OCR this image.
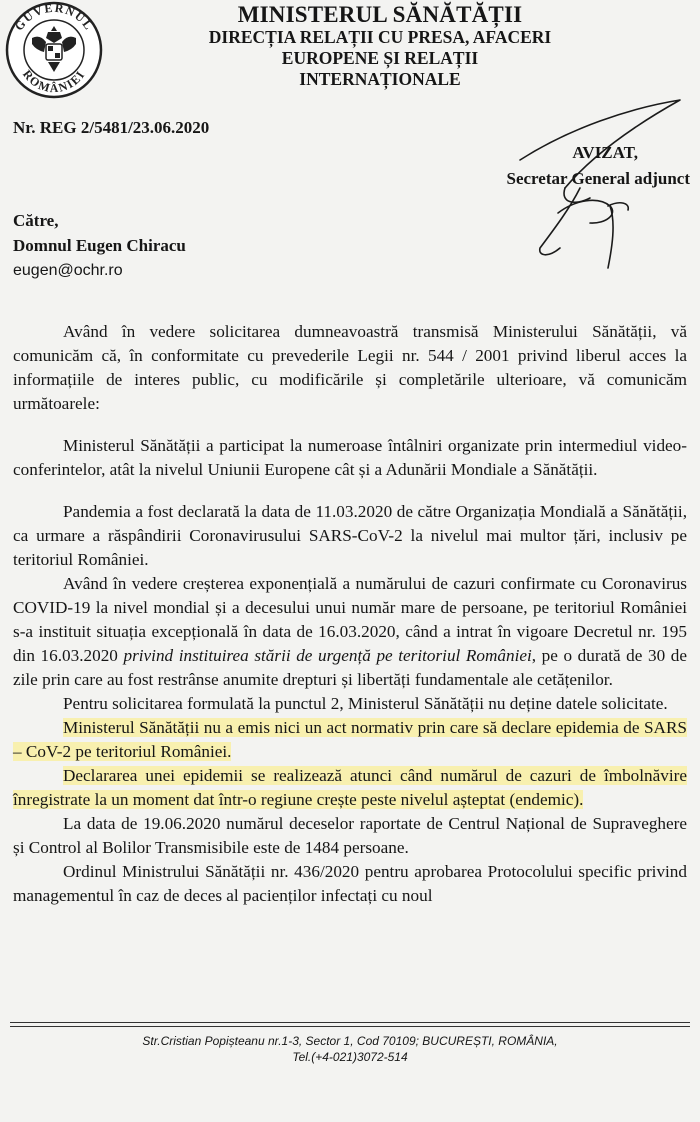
GUVERNUL
ROMÂNIEI
MINISTERUL SĂNĂTĂȚII
DIRECȚIA RELAȚII CU PRESA, AFACERI
EUROPENE ȘI RELAȚII
INTERNAȚIONALE
Nr. REG 2/5481/23.06.2020
AVIZAT,
Secretar General adjunct
Către,
Domnul Eugen Chiracu
eugen@ochr.ro

Având în vedere solicitarea dumneavoastră transmisă Ministerului Sănătății, vă comunicăm că, în conformitate cu prevederile Legii nr. 544 / 2001 privind liberul acces la informațiile de interes public, cu modificările și completările ulterioare, vă comunicăm următoarele:

Ministerul Sănătății a participat la numeroase întâlniri organizate prin intermediul video-conferintelor, atât la nivelul Uniunii Europene cât și a Adunării Mondiale a Sănătății.

Pandemia a fost declarată la data de 11.03.2020 de către Organizația Mondială a Sănătății, ca urmare a răspândirii Coronavirusului SARS-CoV-2 la nivelul mai multor țări, inclusiv pe teritoriul României.

Având în vedere creșterea exponențială a numărului de cazuri confirmate cu Coronavirus COVID-19 la nivel mondial și a decesului unui număr mare de persoane, pe teritoriul României s-a instituit situația excepțională în data de 16.03.2020, când a intrat în vigoare Decretul nr. 195 din 16.03.2020 privind instituirea stării de urgență pe teritoriul României, pe o durată de 30 de zile prin care au fost restrânse anumite drepturi și libertăți fundamentale ale cetățenilor.

Pentru solicitarea formulată la punctul 2, Ministerul Sănătății nu deține datele solicitate.

Ministerul Sănătății nu a emis nici un act normativ prin care să declare epidemia de SARS – CoV-2 pe teritoriul României.

Declararea unei epidemii se realizează atunci când numărul de cazuri de îmbolnăvire înregistrate la un moment dat într-o regiune crește peste nivelul așteptat (endemic).

La data de 19.06.2020 numărul deceselor raportate de Centrul Național de Supraveghere și Control al Bolilor Transmisibile este de 1484 persoane.

Ordinul Ministrului Sănătății nr. 436/2020 pentru aprobarea Protocolului specific privind managementul în caz de deces al pacienților infectați cu noul

Str.Cristian Popișteanu nr.1-3, Sector 1, Cod 70109; BUCUREȘTI, ROMÂNIA,
Tel.(+4-021)3072-514
